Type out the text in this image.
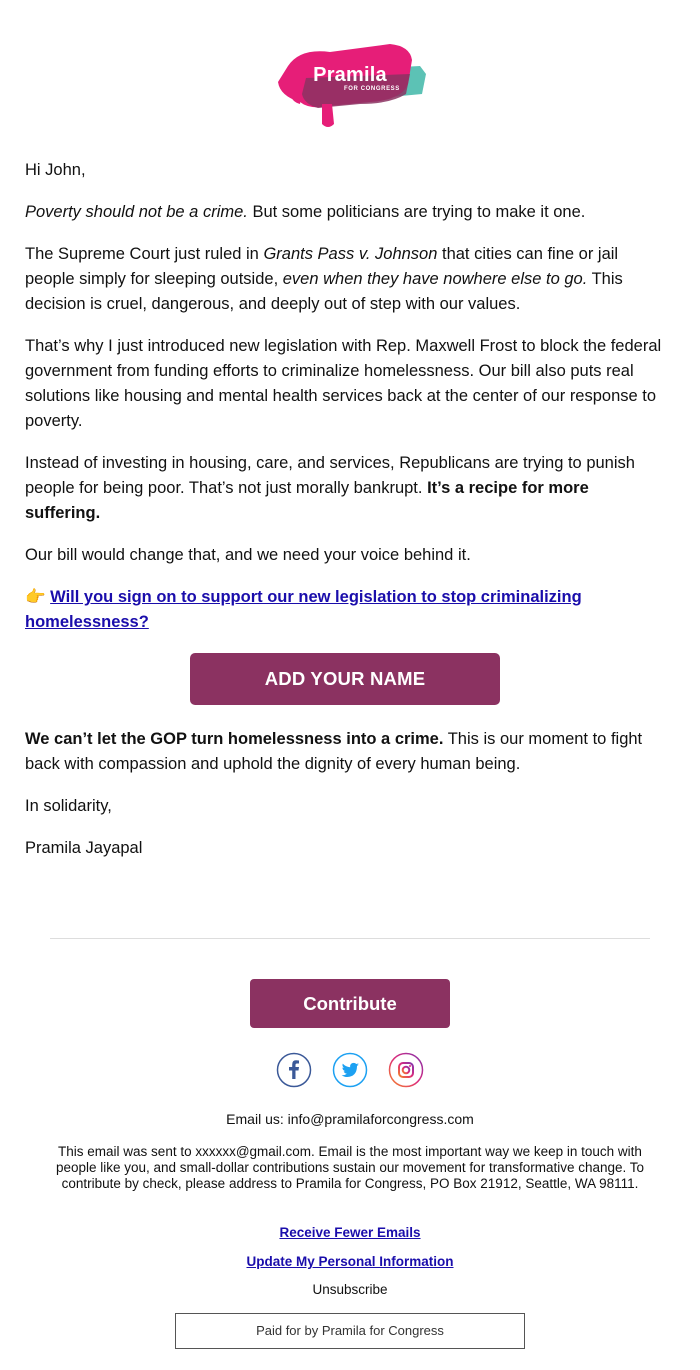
Pramila
FOR CONGRESS

Hi John,

Poverty should not be a crime. But some politicians are trying to make it one.

The Supreme Court just ruled in Grants Pass v. Johnson that cities can fine or jail people simply for sleeping outside, even when they have nowhere else to go. This decision is cruel, dangerous, and deeply out of step with our values.

That’s why I just introduced new legislation with Rep. Maxwell Frost to block the federal government from funding efforts to criminalize homelessness. Our bill also puts real solutions like housing and mental health services back at the center of our response to poverty.

Instead of investing in housing, care, and services, Republicans are trying to punish people for being poor. That’s not just morally bankrupt. It’s a recipe for more suffering.

Our bill would change that, and we need your voice behind it.

👉 Will you sign on to support our new legislation to stop criminalizing homelessness?

ADD YOUR NAME

We can’t let the GOP turn homelessness into a crime. This is our moment to fight back with compassion and uphold the dignity of every human being.

In solidarity,

Pramila Jayapal

Contribute
Email us: info@pramilaforcongress.com
This email was sent to xxxxxx@gmail.com. Email is the most important way we keep in touch with people like you, and small-dollar contributions sustain our movement for transformative change. To contribute by check, please address to Pramila for Congress, PO Box 21912, Seattle, WA 98111.
Receive Fewer Emails
Update My Personal Information
Unsubscribe
Paid for by Pramila for Congress
